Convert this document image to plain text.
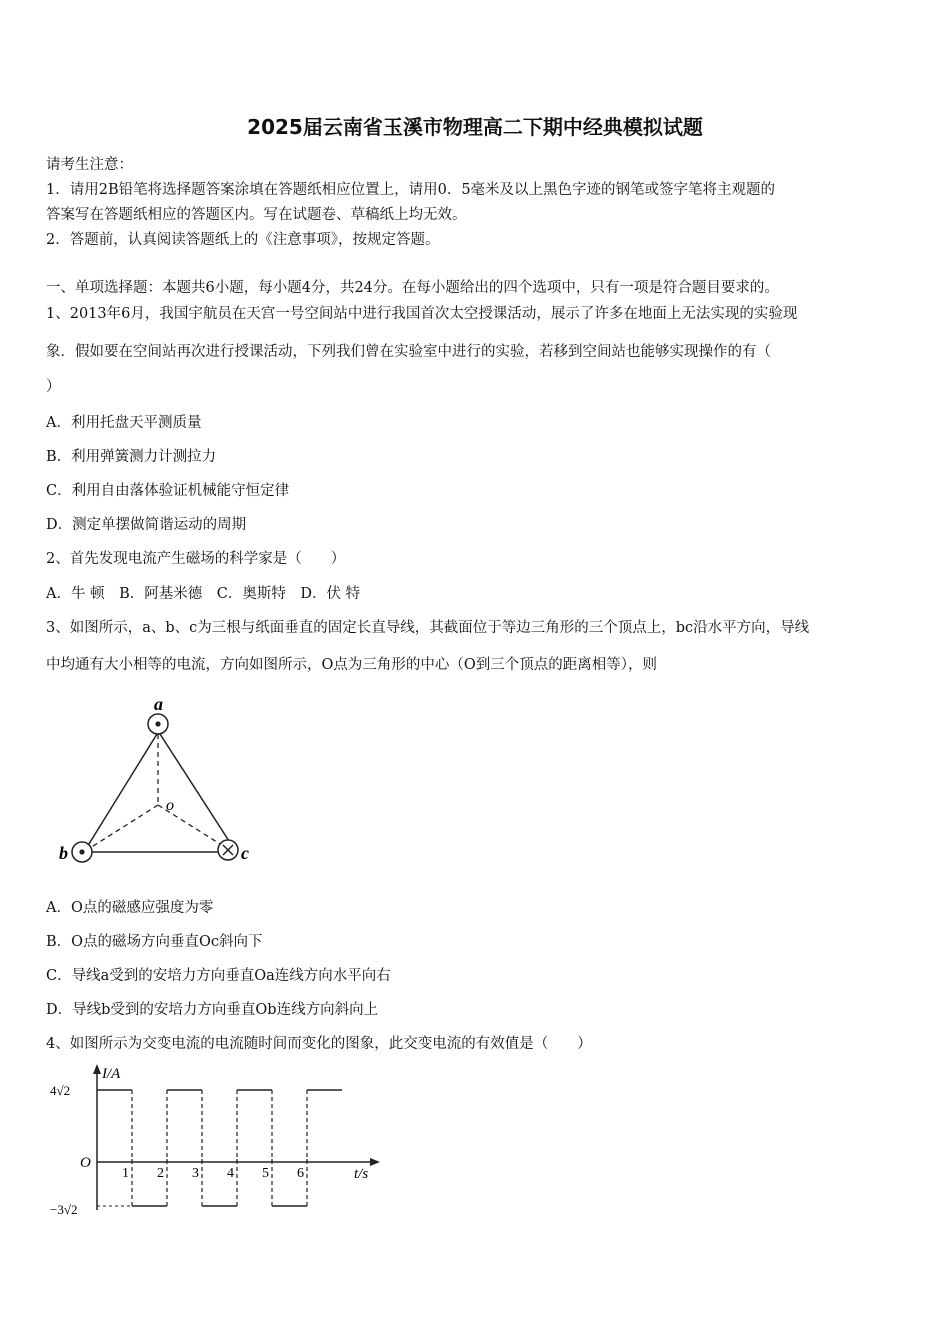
2025届云南省玉溪市物理高二下期中经典模拟试题
请考生注意：
1．请用2B铅笔将选择题答案涂填在答题纸相应位置上，请用0．5毫米及以上黑色字迹的钢笔或签字笔将主观题的
答案写在答题纸相应的答题区内。写在试题卷、草稿纸上均无效。
2．答题前，认真阅读答题纸上的《注意事项》，按规定答题。
一、单项选择题：本题共6小题，每小题4分，共24分。在每小题给出的四个选项中，只有一项是符合题目要求的。
1、2013年6月，我国宇航员在天宫一号空间站中进行我国首次太空授课活动，展示了许多在地面上无法实现的实验现
象．假如要在空间站再次进行授课活动，下列我们曾在实验室中进行的实验，若移到空间站也能够实现操作的有（
）
A．利用托盘天平测质量
B．利用弹簧测力计测拉力
C．利用自由落体验证机械能守恒定律
D．测定单摆做简谐运动的周期
2、首先发现电流产生磁场的科学家是（　　）
A．牛 顿　B．阿基米德　C．奥斯特　D．伏 特
3、如图所示，a、b、c为三根与纸面垂直的固定长直导线，其截面位于等边三角形的三个顶点上，bc沿水平方向，导线
中均通有大小相等的电流，方向如图所示，O点为三角形的中心（O到三个顶点的距离相等），则
a
b	c
o
A．O点的磁感应强度为零
B．O点的磁场方向垂直Oc斜向下
C．导线a受到的安培力方向垂直Oa连线方向水平向右
D．导线b受到的安培力方向垂直Ob连线方向斜向上
4、如图所示为交变电流的电流随时间而变化的图象，此交变电流的有效值是（　　）
I/A
t/s
O
4√2
−3√2
1 2 3 4 5 6
